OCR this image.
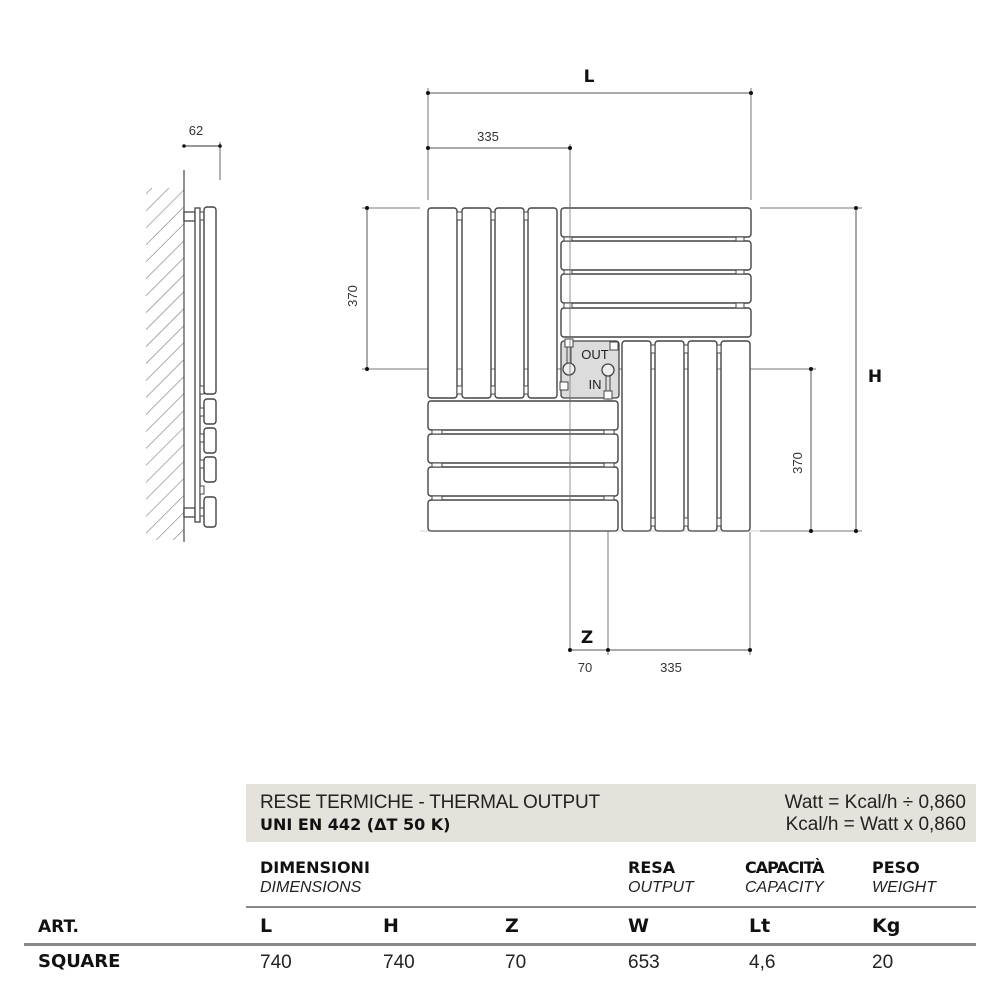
62
L
335
370
H
370
Z
70	335
OUT
IN
RESE TERMICHE - THERMAL OUTPUT
UNI EN 442 (ΔT 50 K)
Watt = Kcal/h ÷ 0,860
Kcal/h = Watt x 0,860
DIMENSIONI
DIMENSIONS
RESA
OUTPUT
CAPACITÀ
CAPACITY
PESO
WEIGHT
ART.	L	H	Z	W	Lt	Kg
SQUARE	740	740	70	653	4,6	20
